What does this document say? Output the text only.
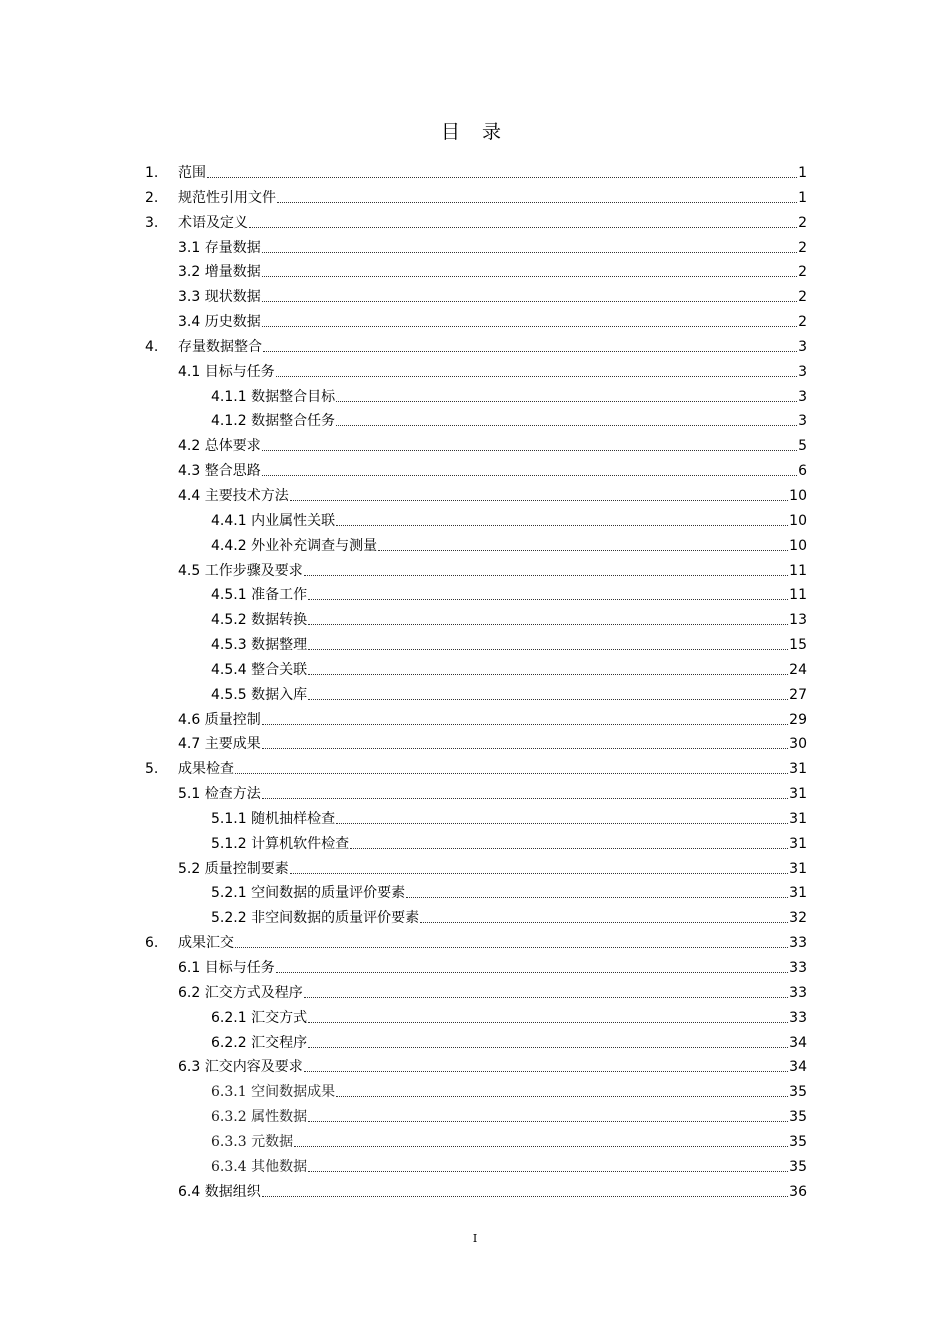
目 录
1. 范围	1
2. 规范性引用文件	1
3. 术语及定义	2
3.1 存量数据	2
3.2 增量数据	2
3.3 现状数据	2
3.4 历史数据	2
4. 存量数据整合	3
4.1 目标与任务	3
4.1.1 数据整合目标	3
4.1.2 数据整合任务	3
4.2 总体要求	5
4.3 整合思路	6
4.4 主要技术方法	10
4.4.1 内业属性关联	10
4.4.2 外业补充调查与测量	10
4.5 工作步骤及要求	11
4.5.1 准备工作	11
4.5.2 数据转换	13
4.5.3 数据整理	15
4.5.4 整合关联	24
4.5.5 数据入库	27
4.6 质量控制	29
4.7 主要成果	30
5. 成果检查	31
5.1 检查方法	31
5.1.1 随机抽样检查	31
5.1.2 计算机软件检查	31
5.2 质量控制要素	31
5.2.1 空间数据的质量评价要素	31
5.2.2 非空间数据的质量评价要素	32
6. 成果汇交	33
6.1 目标与任务	33
6.2 汇交方式及程序	33
6.2.1 汇交方式	33
6.2.2 汇交程序	34
6.3 汇交内容及要求	34
6.3.1 空间数据成果	35
6.3.2 属性数据	35
6.3.3 元数据	35
6.3.4 其他数据	35
6.4 数据组织	36
I
